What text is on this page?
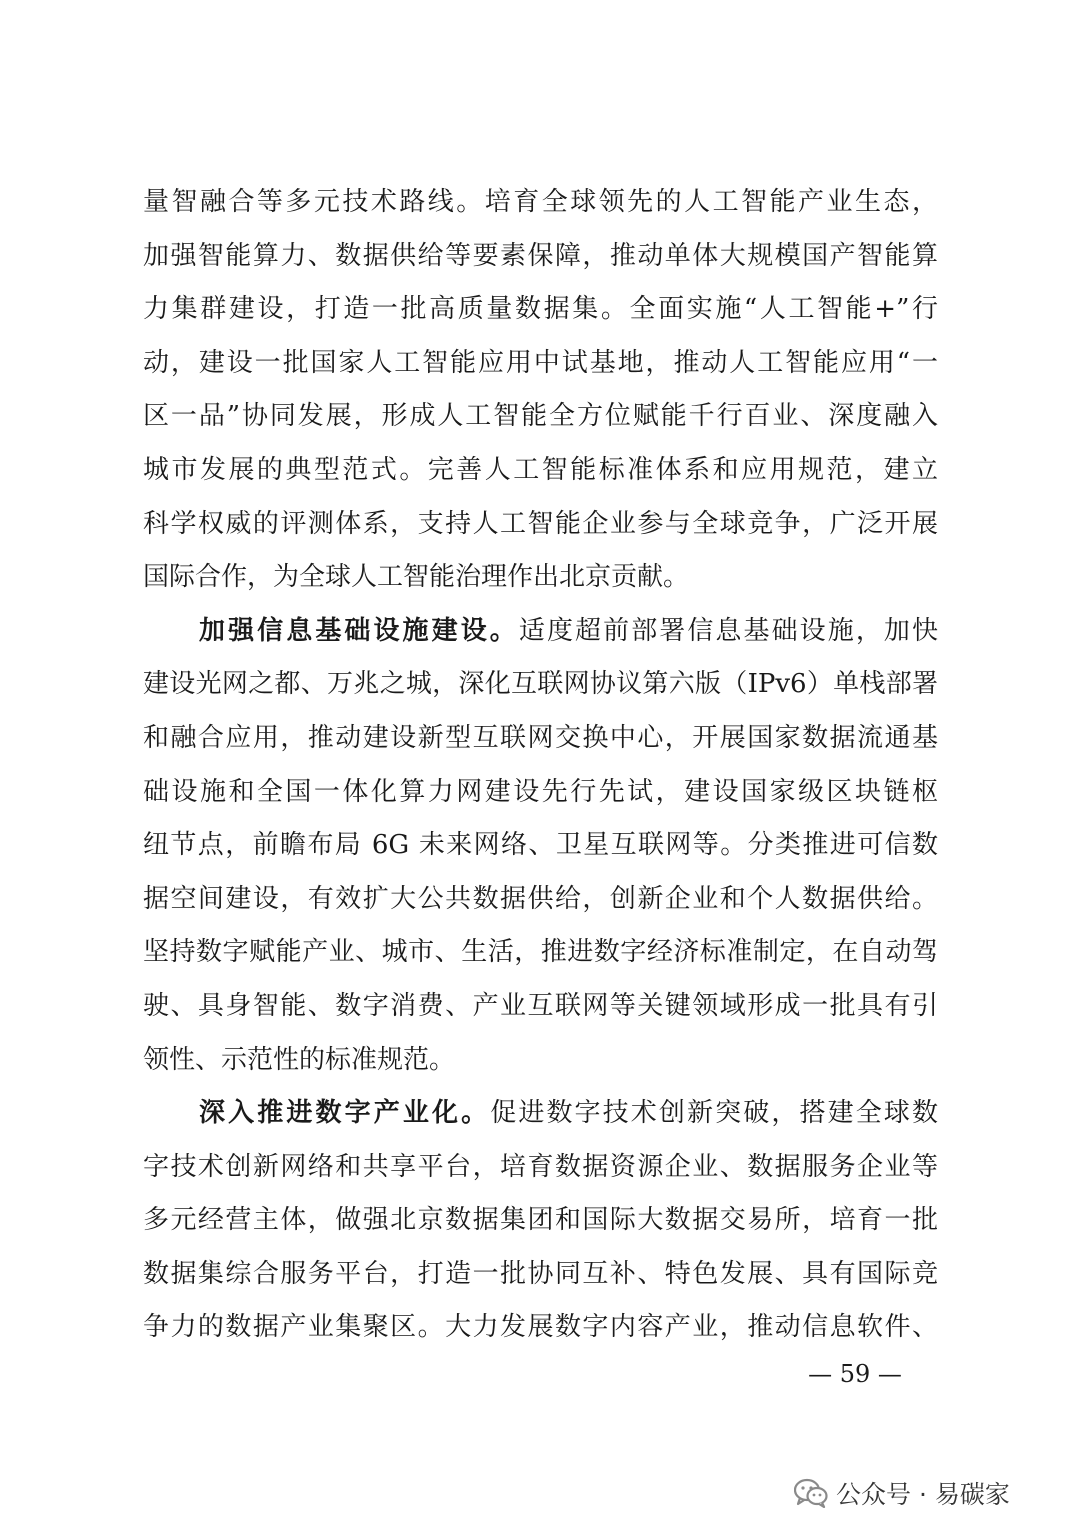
量智融合等多元技术路线。培育全球领先的人工智能产业生态，
加强智能算力、数据供给等要素保障，推动单体大规模国产智能算
力集群建设，打造一批高质量数据集。全面实施“人工智能+”行
动，建设一批国家人工智能应用中试基地，推动人工智能应用“一
区一品”协同发展，形成人工智能全方位赋能千行百业、深度融入
城市发展的典型范式。完善人工智能标准体系和应用规范，建立
科学权威的评测体系，支持人工智能企业参与全球竞争，广泛开展
国际合作，为全球人工智能治理作出北京贡献。
加强信息基础设施建设。适度超前部署信息基础设施，加快
建设光网之都、万兆之城，深化互联网协议第六版（IPv6）单栈部署
和融合应用，推动建设新型互联网交换中心，开展国家数据流通基
础设施和全国一体化算力网建设先行先试，建设国家级区块链枢
纽节点，前瞻布局 6G 未来网络、卫星互联网等。分类推进可信数
据空间建设，有效扩大公共数据供给，创新企业和个人数据供给。
坚持数字赋能产业、城市、生活，推进数字经济标准制定，在自动驾
驶、具身智能、数字消费、产业互联网等关键领域形成一批具有引
领性、示范性的标准规范。
深入推进数字产业化。促进数字技术创新突破，搭建全球数
字技术创新网络和共享平台，培育数据资源企业、数据服务企业等
多元经营主体，做强北京数据集团和国际大数据交易所，培育一批
数据集综合服务平台，打造一批协同互补、特色发展、具有国际竞
争力的数据产业集聚区。大力发展数字内容产业，推动信息软件、
— 59 —
公众号 · 易碳家
